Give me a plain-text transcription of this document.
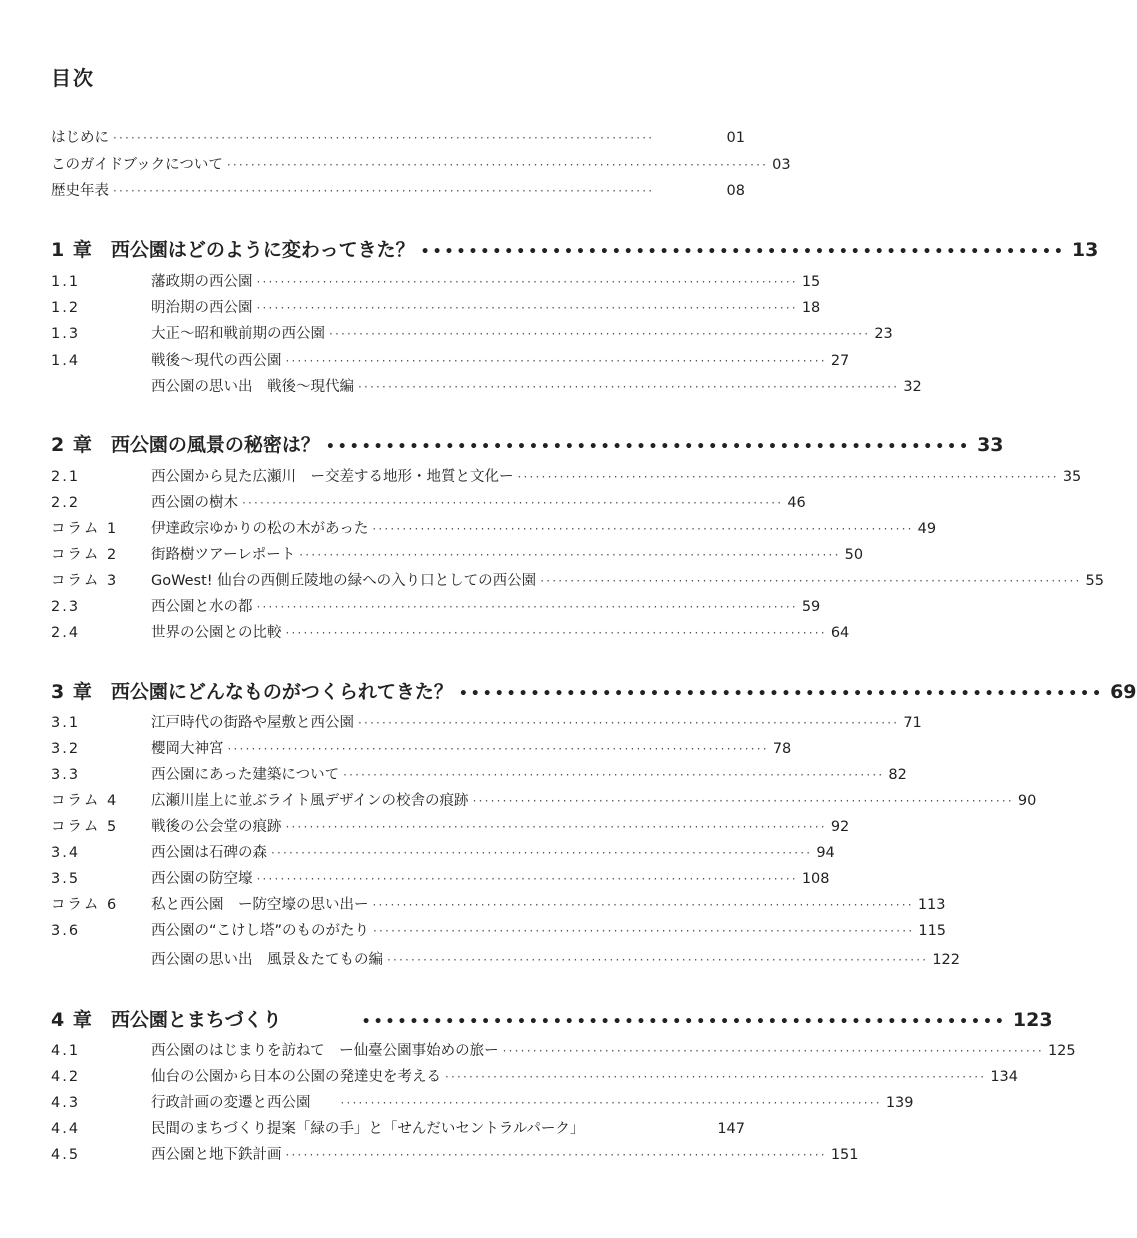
目次
はじめに ··························································································	01
このガイドブックについて ·························································································· 03
歴史年表 ··························································································	08
1 章 西公園はどのように変わってきた？ •••••••••••••••••••••••••••••••••••••••••••••••••••••• 13
1.1	藩政期の西公園 ·························································································· 15
1.2	明治期の西公園 ·························································································· 18
1.3	大正〜昭和戦前期の西公園 ·························································································· 23
1.4	戦後〜現代の西公園 ·························································································· 27
西公園の思い出　戦後〜現代編 ·························································································· 32
2 章 西公園の風景の秘密は？ •••••••••••••••••••••••••••••••••••••••••••••••••••••• 33
2.1	西公園から見た広瀬川　ー交差する地形・地質と文化ー ·························································································· 35
2.2	西公園の樹木 ·························································································· 46
コラム 1	伊達政宗ゆかりの松の木があった ·························································································· 49
コラム 2	街路樹ツアーレポート ·························································································· 50
コラム 3	GoWest! 仙台の西側丘陵地の緑への入り口としての西公園 ·························································································· 55
2.3	西公園と水の都 ·························································································· 59
2.4	世界の公園との比較 ·························································································· 64
3 章 西公園にどんなものがつくられてきた？ •••••••••••••••••••••••••••••••••••••••••••••••••••••• 69
3.1	江戸時代の街路や屋敷と西公園 ·························································································· 71
3.2	櫻岡大神宮 ·························································································· 78
3.3	西公園にあった建築について ·························································································· 82
コラム 4	広瀬川崖上に並ぶライト風デザインの校舎の痕跡 ·························································································· 90
コラム 5	戦後の公会堂の痕跡 ·························································································· 92
3.4	西公園は石碑の森 ·························································································· 94
3.5	西公園の防空壕 ·························································································· 108
コラム 6	私と西公園　ー防空壕の思い出ー ·························································································· 113
3.6	西公園の“こけし塔”のものがたり ·························································································· 115
西公園の思い出　風景＆たてもの編 ·························································································· 122
4 章 西公園とまちづくり	•••••••••••••••••••••••••••••••••••••••••••••••••••••• 123
4.1	西公園のはじまりを訪ねて　ー仙臺公園事始めの旅ー ·························································································· 125
4.2	仙台の公園から日本の公園の発達史を考える ·························································································· 134
4.3	行政計画の変遷と西公園	·························································································· 139
4.4	民間のまちづくり提案「緑の手」と「せんだいセントラルパーク」	147
4.5	西公園と地下鉄計画 ·························································································· 151
